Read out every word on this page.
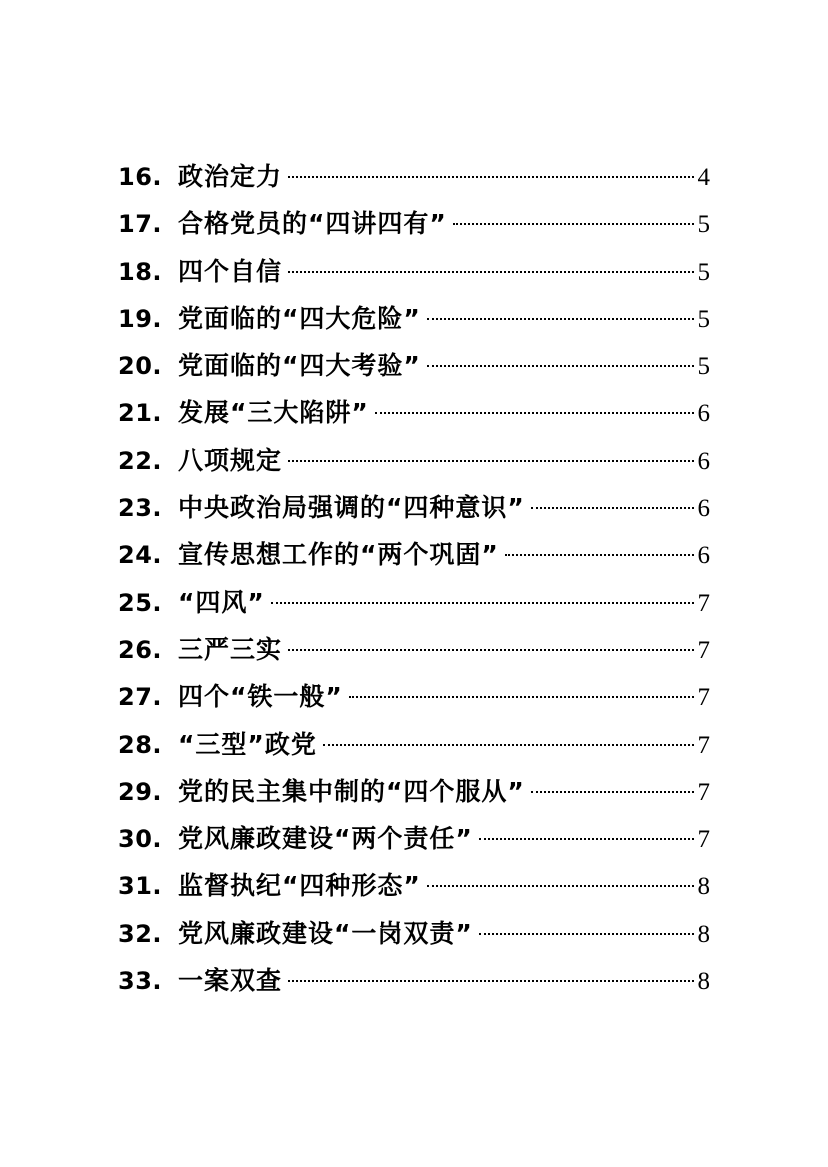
16. 政治定力	4
17. 合格党员的“四讲四有”	5
18. 四个自信	5
19. 党面临的“四大危险”	5
20. 党面临的“四大考验”	5
21. 发展“三大陷阱”	6
22. 八项规定	6
23. 中央政治局强调的“四种意识”	6
24. 宣传思想工作的“两个巩固”	6
25. “四风”	7
26. 三严三实	7
27. 四个“铁一般”	7
28. “三型”政党	7
29. 党的民主集中制的“四个服从”	7
30. 党风廉政建设“两个责任”	7
31. 监督执纪“四种形态”	8
32. 党风廉政建设“一岗双责”	8
33. 一案双查	8
